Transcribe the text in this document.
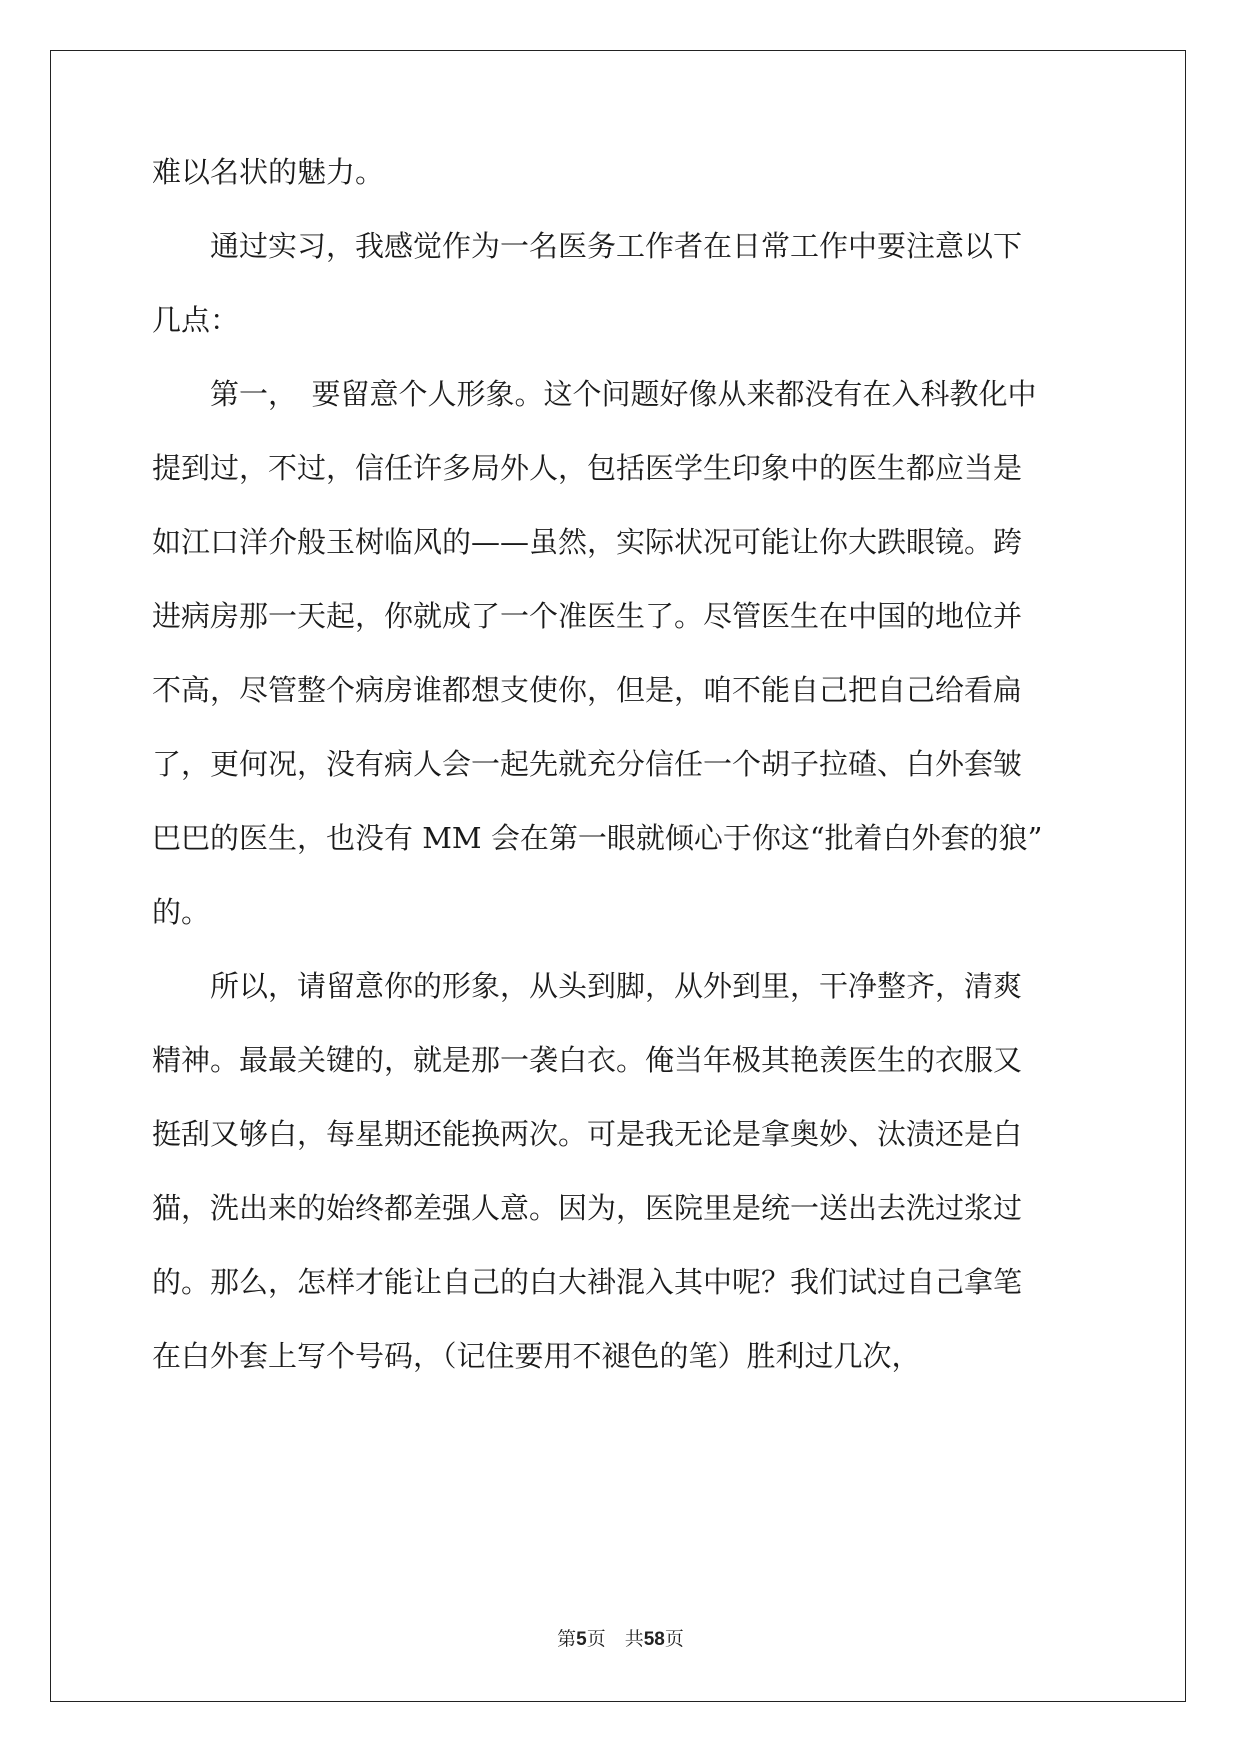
难以名状的魅力。
　　通过实习，我感觉作为一名医务工作者在日常工作中要注意以下
几点：
　　第一，　要留意个人形象。这个问题好像从来都没有在入科教化中
提到过，不过，信任许多局外人，包括医学生印象中的医生都应当是
如江口洋介般玉树临风的——虽然，实际状况可能让你大跌眼镜。跨
进病房那一天起，你就成了一个准医生了。尽管医生在中国的地位并
不高，尽管整个病房谁都想支使你，但是，咱不能自己把自己给看扁
了，更何况，没有病人会一起先就充分信任一个胡子拉碴、白外套皱
巴巴的医生，也没有 MM 会在第一眼就倾心于你这“批着白外套的狼”
的。
　　所以，请留意你的形象，从头到脚，从外到里，干净整齐，清爽
精神。最最关键的，就是那一袭白衣。俺当年极其艳羡医生的衣服又
挺刮又够白，每星期还能换两次。可是我无论是拿奥妙、汰渍还是白
猫，洗出来的始终都差强人意。因为，医院里是统一送出去洗过浆过
的。那么，怎样才能让自己的白大褂混入其中呢？我们试过自己拿笔
在白外套上写个号码，（记住要用不褪色的笔）胜利过几次，
第5页　共58页
